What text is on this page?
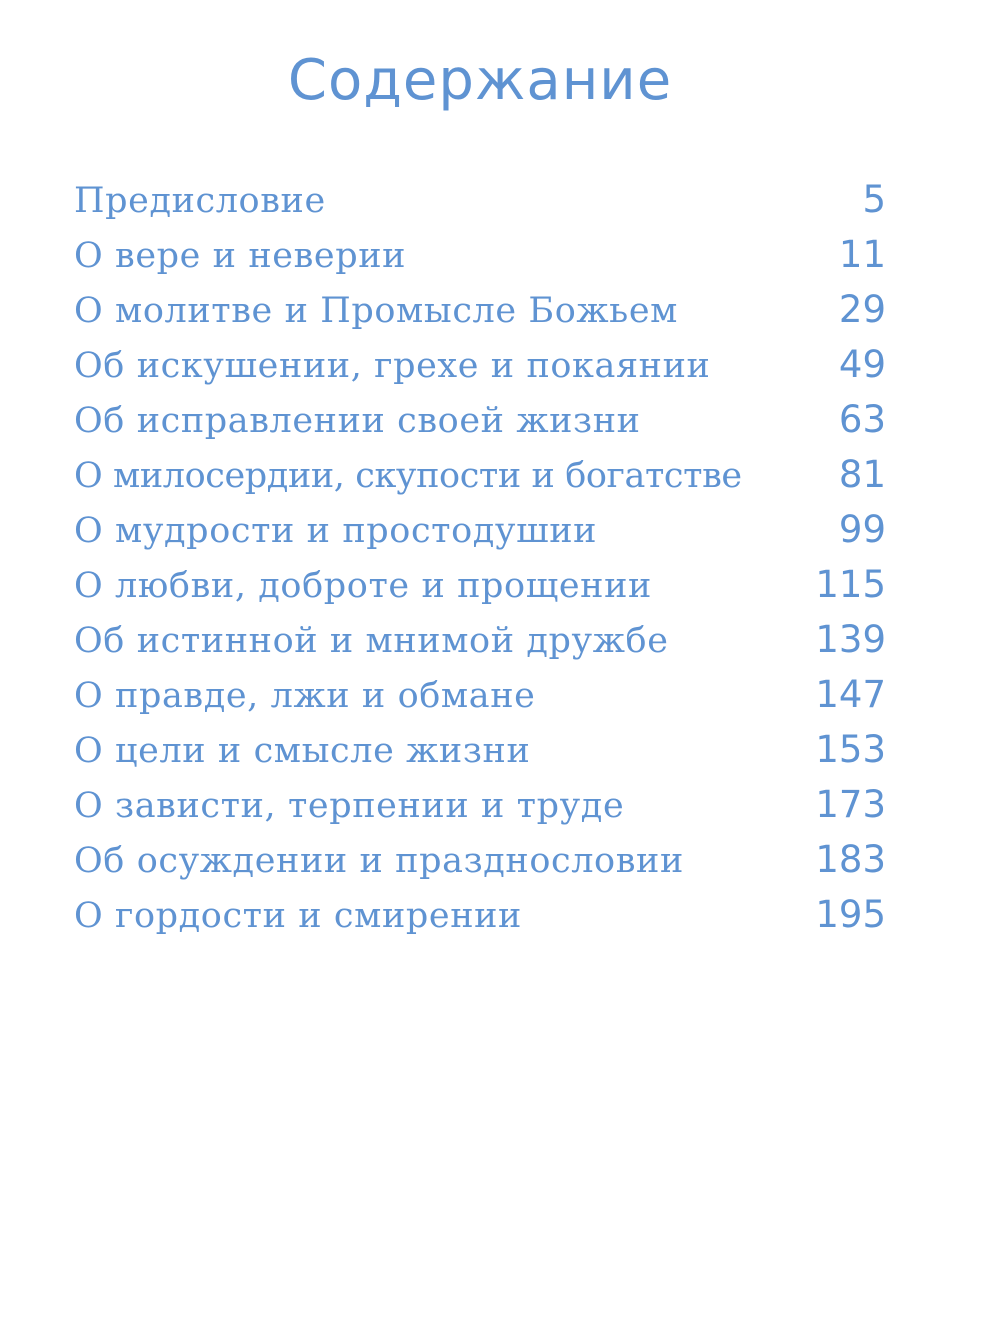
Содержание
Предисловие	5
О вере и неверии	11
О молитве и Промысле Божьем	29
Об искушении, грехе и покаянии	49
Об исправлении своей жизни	63
О милосердии, скупости и богатстве	81
О мудрости и простодушии	99
О любви, доброте и прощении	115
Об истинной и мнимой дружбе	139
О правде, лжи и обмане	147
О цели и смысле жизни	153
О зависти, терпении и труде	173
Об осуждении и празднословии	183
О гордости и смирении	195
